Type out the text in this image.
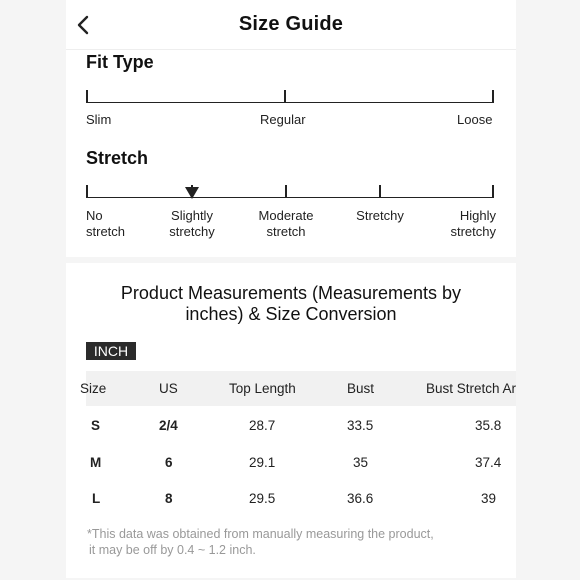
Size Guide
Fit Type
Slim	Regular	Loose
Stretch
No
stretch
Slightly
stretchy
Moderate
stretch
Stretchy	Highly
stretchy
Product Measurements (Measurements by
inches) & Size Conversion
INCH
Size	US	Top Length	Bust	Bust Stretch Ar
S	2/4	28.7	33.5	35.8
M	6	29.1	35	37.4
L	8	29.5	36.6	39
*This data was obtained from manually measuring the product,
it may be off by 0.4 ~ 1.2 inch.
